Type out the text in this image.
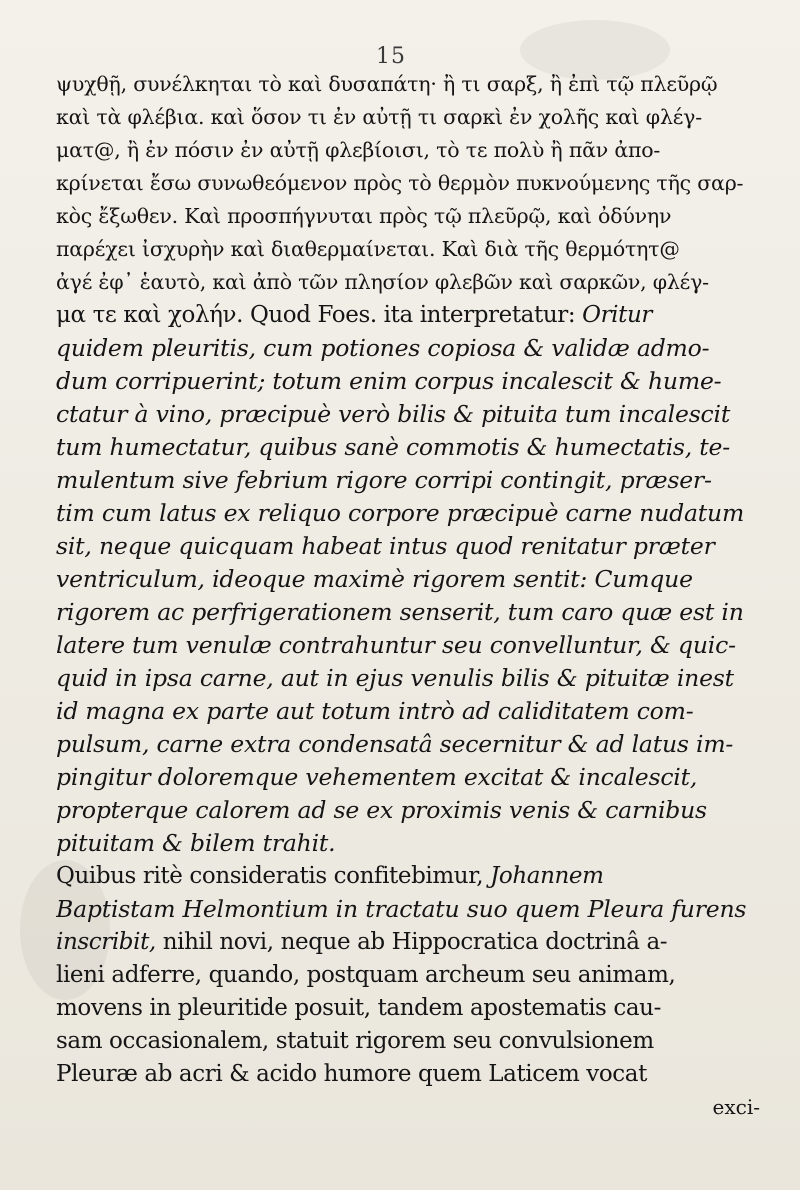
15
ψυχθῇ, συνέλκηται τὸ καὶ δυσαπάτη· ἢ τι σαρξ, ἢ ἐπὶ τῷ πλεῦρῷ
καὶ τὰ φλέβια. καὶ ὅσον τι ἐν αὐτῇ τι σαρκὶ ἐν χολῆς καὶ φλέγ-
ματ@, ἢ ἐν πόσιν ἐν αὐτῇ φλεβίοισι, τὸ τε πολὺ ἢ πᾶν ἀπο-
κρίνεται ἔσω συνωθεόμενον πρὸς τὸ θερμὸν πυκνούμενης τῆς σαρ-
κὸς ἔξωθεν. Καὶ προσπήγνυται πρὸς τῷ πλεῦρῷ, καὶ ὀδύνην
παρέχει ἰσχυρὴν καὶ διαθερμαίνεται. Καὶ διὰ τῆς θερμότητ@
ἀγέ ἐφ᾽ ἑαυτὸ, καὶ ἀπὸ τῶν πλησίον φλεβῶν καὶ σαρκῶν, φλέγ-
μα τε καὶ χολήν. Quod Foes. ita interpretatur: Oritur
quidem pleuritis, cum potiones copiosa & validæ admo-
dum corripuerint; totum enim corpus incalescit & hume-
ctatur à vino, præcipuè verò bilis & pituita tum incalescit
tum humectatur, quibus sanè commotis & humectatis, te-
mulentum sive febrium rigore corripi contingit, præser-
tim cum latus ex reliquo corpore præcipuè carne nudatum
sit, neque quicquam habeat intus quod renitatur præter
ventriculum, ideoque maximè rigorem sentit: Cumque
rigorem ac perfrigerationem senserit, tum caro quæ est in
latere tum venulæ contrahuntur seu convelluntur, & quic-
quid in ipsa carne, aut in ejus venulis bilis & pituitæ inest
id magna ex parte aut totum intrò ad caliditatem com-
pulsum, carne extra condensatâ secernitur & ad latus im-
pingitur doloremque vehementem excitat & incalescit,
propterque calorem ad se ex proximis venis & carnibus
pituitam & bilem trahit.
Quibus ritè consideratis confitebimur, Johannem
Baptistam Helmontium in tractatu suo quem Pleura furens
inscribit, nihil novi, neque ab Hippocratica doctrinâ a-
lieni adferre, quando, postquam archeum seu animam,
movens in pleuritide posuit, tandem apostematis cau-
sam occasionalem, statuit rigorem seu convulsionem
Pleuræ ab acri & acido humore quem Laticem vocat
exci-
